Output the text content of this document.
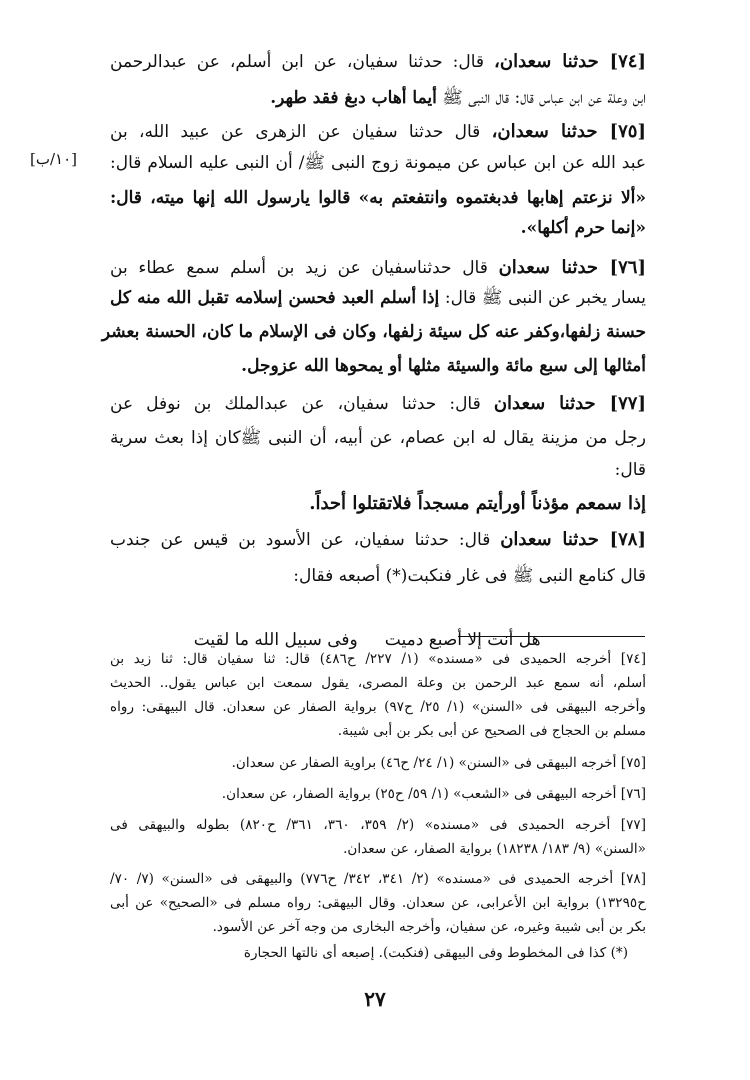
[٧٤] حدثنا سعدان، قال: حدثنا سفيان، عن ابن أسلم، عن عبدالرحمن
ابن وعلة عن ابن عباس قال: قال النبى ﷺ أيما أهاب دبغ فقد طهر.
[٧٥] حدثنا سعدان، قال حدثنا سفيان عن الزهرى عن عبيد الله، بن
عبد الله عن ابن عباس عن ميمونة زوج النبى ﷺ/ أن النبى عليه السلام قال:
«ألا نزعتم إهابها فدبغتموه وانتفعتم به» قالوا يارسول الله إنها ميته، قال:
«إنما حرم أكلها».
[٧٦] حدثنا سعدان قال حدثناسفيان عن زيد بن أسلم سمع عطاء بن
يسار يخبر عن النبى ﷺ قال: إذا أسلم العبد فحسن إسلامه تقبل الله منه كل
حسنة زلفها،وكفر عنه كل سيئة زلفها، وكان فى الإسلام ما كان، الحسنة بعشر
أمثالها إلى سبع مائة والسيئة مثلها أو يمحوها الله عزوجل.
[٧٧] حدثنا سعدان قال: حدثنا سفيان، عن عبدالملك بن نوفل عن
رجل من مزينة يقال له ابن عصام، عن أبيه، أن النبى ﷺكان إذا بعث سرية
قال:
إذا سمعم مؤذناً أورأيتم مسجداً فلاتقتلوا أحداً.
[٧٨] حدثنا سعدان قال: حدثنا سفيان، عن الأسود بن قيس عن جندب
قال كنامع النبى ﷺ فى غار فنكبت(*) أصبعه فقال:

هل أنت إلا أصبع دميت     وفى سبيل الله ما لقيت

[١٠/ب]
[٧٤] أخرجه الحميدى فى «مسنده» (١/ ٢٢٧/ ح٤٨٦) قال: ثنا سفيان قال: ثنا زيد بن
أسلم، أنه سمع عبد الرحمن بن وعلة المصرى، يقول سمعت ابن عباس يقول.. الحديث
وأخرجه البيهقى فى «السنن» (١/ ٢٥/ ح٩٧) برواية الصفار عن سعدان. قال البيهقى: رواه
مسلم بن الحجاج فى الصحيح عن أبى بكر بن أبى شيبة.
[٧٥] أخرجه البيهقى فى «السنن» (١/ ٢٤/ ح٤٦) براوية الصفار عن سعدان.
[٧٦] أخرجه البيهقى فى «الشعب» (١/ ٥٩/ ح٢٥) برواية الصفار، عن سعدان.
[٧٧] أخرجه الحميدى فى «مسنده» (٢/ ٣٥٩، ٣٦٠، ٣٦١/ ح٨٢٠) بطوله والبيهقى فى
«السنن» (٩/ ١٨٣/ ١٨٢٣٨) برواية الصفار، عن سعدان.
[٧٨] أخرجه الحميدى فى «مسنده» (٢/ ٣٤١، ٣٤٢/ ح٧٧٦) والبيهقى فى «السنن» (٧/ ٧٠/
ح١٣٢٩٥) برواية ابن الأعرابى، عن سعدان. وقال البيهقى: رواه مسلم فى «الصحيح» عن أبى
بكر بن أبى شيبة وغيره، عن سفيان، وأخرجه البخارى من وجه آخر عن الأسود.
(*) كذا فى المخطوط وفى البيهقى (فنكبت). إصبعه أى نالتها الحجارة
٢٧
